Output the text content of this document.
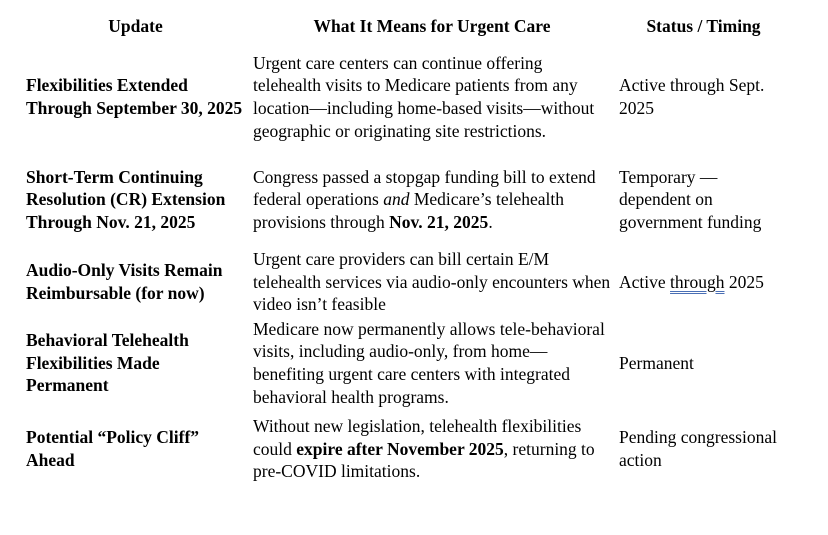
Update	What It Means for Urgent Care	Status / Timing
Flexibilities Extended Through September 30, 2025	Urgent care centers can continue offering telehealth visits to Medicare patients from any location—including home-based visits—without geographic or originating site restrictions.	Active through Sept. 2025
Short-Term Continuing Resolution (CR) Extension Through Nov. 21, 2025	Congress passed a stopgap funding bill to extend federal operations and Medicare’s telehealth provisions through Nov. 21, 2025.	Temporary — dependent on government funding
Audio-Only Visits Remain Reimbursable (for now)	Urgent care providers can bill certain E/M telehealth services via audio-only encounters when video isn’t feasible	Active through 2025
Behavioral Telehealth Flexibilities Made Permanent	Medicare now permanently allows tele-behavioral visits, including audio-only, from home—benefiting urgent care centers with integrated behavioral health programs.	Permanent
Potential “Policy Cliff” Ahead	Without new legislation, telehealth flexibilities could expire after November 2025, returning to pre-COVID limitations.	Pending congressional action
